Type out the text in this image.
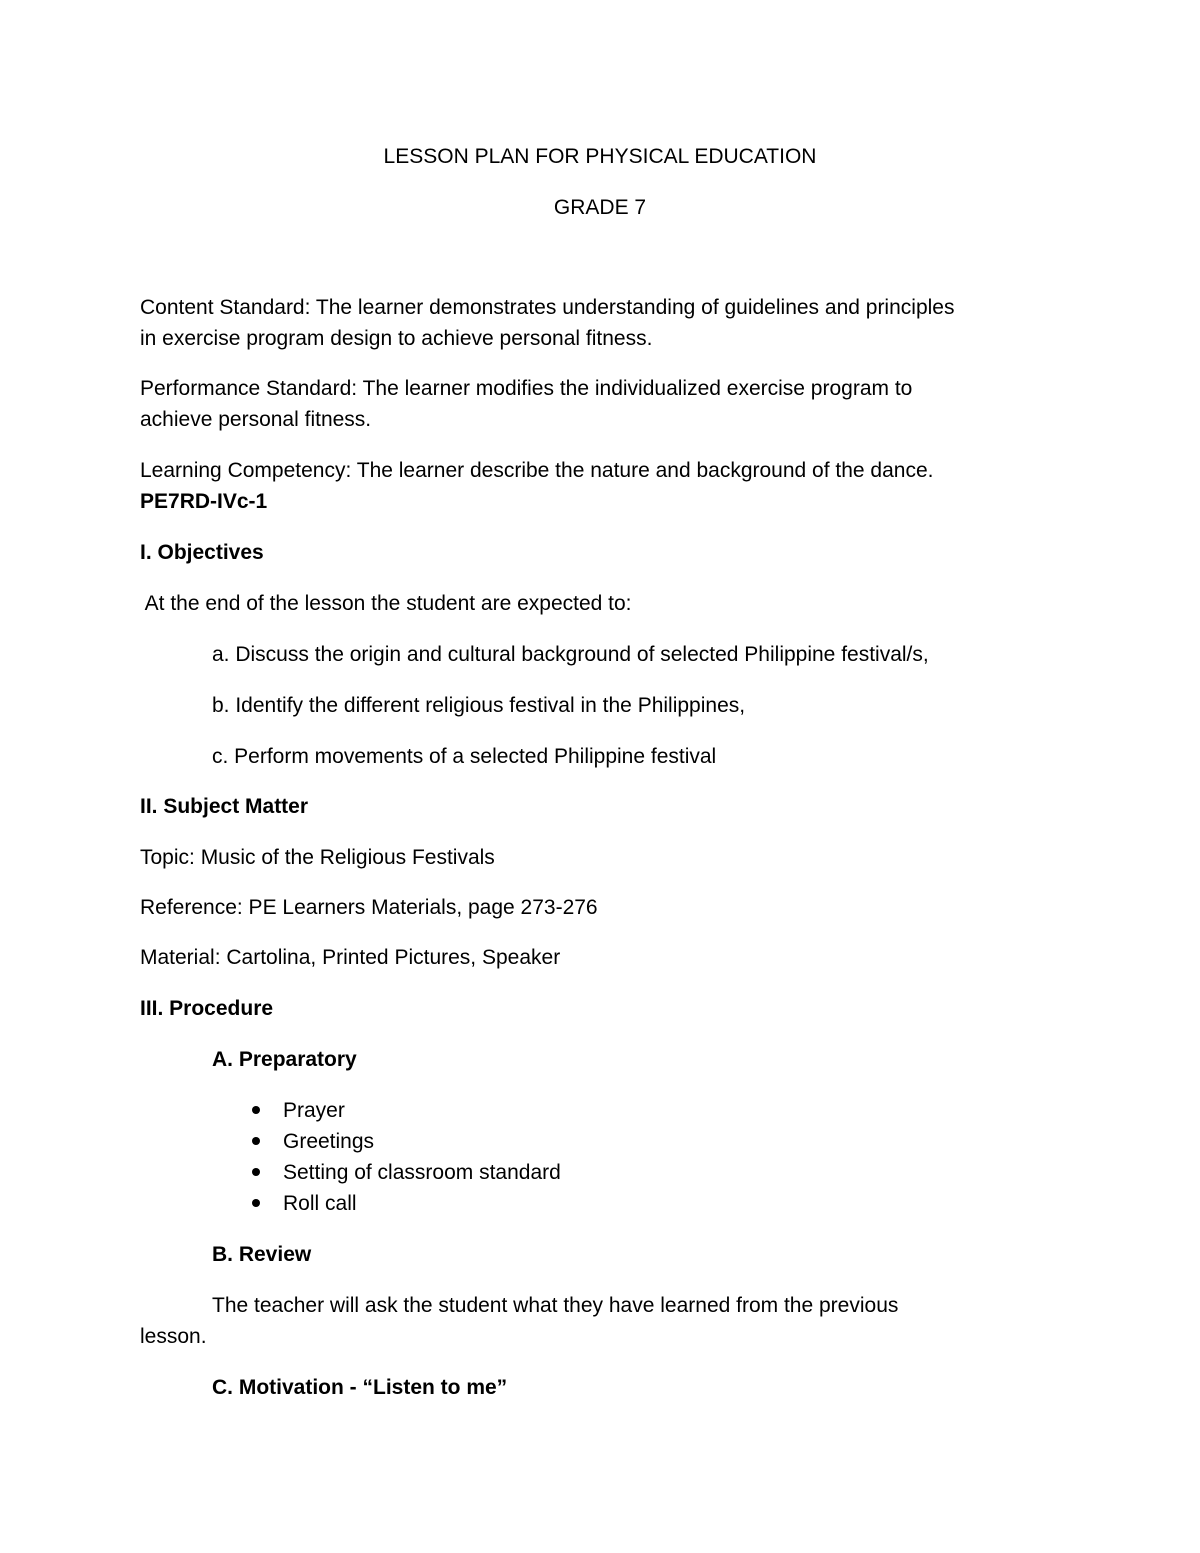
LESSON PLAN FOR PHYSICAL EDUCATION
GRADE 7
Content Standard: The learner demonstrates understanding of guidelines and principles
in exercise program design to achieve personal fitness.
Performance Standard: The learner modifies the individualized exercise program to
achieve personal fitness.
Learning Competency: The learner describe the nature and background of the dance.
PE7RD-IVc-1
I. Objectives
At the end of the lesson the student are expected to:
a. Discuss the origin and cultural background of selected Philippine festival/s,
b. Identify the different religious festival in the Philippines,
c. Perform movements of a selected Philippine festival
II. Subject Matter
Topic: Music of the Religious Festivals
Reference: PE Learners Materials, page 273-276
Material: Cartolina, Printed Pictures, Speaker
III. Procedure
A. Preparatory
Prayer
Greetings
Setting of classroom standard
Roll call
B. Review
The teacher will ask the student what they have learned from the previous
lesson.
C. Motivation - “Listen to me”
